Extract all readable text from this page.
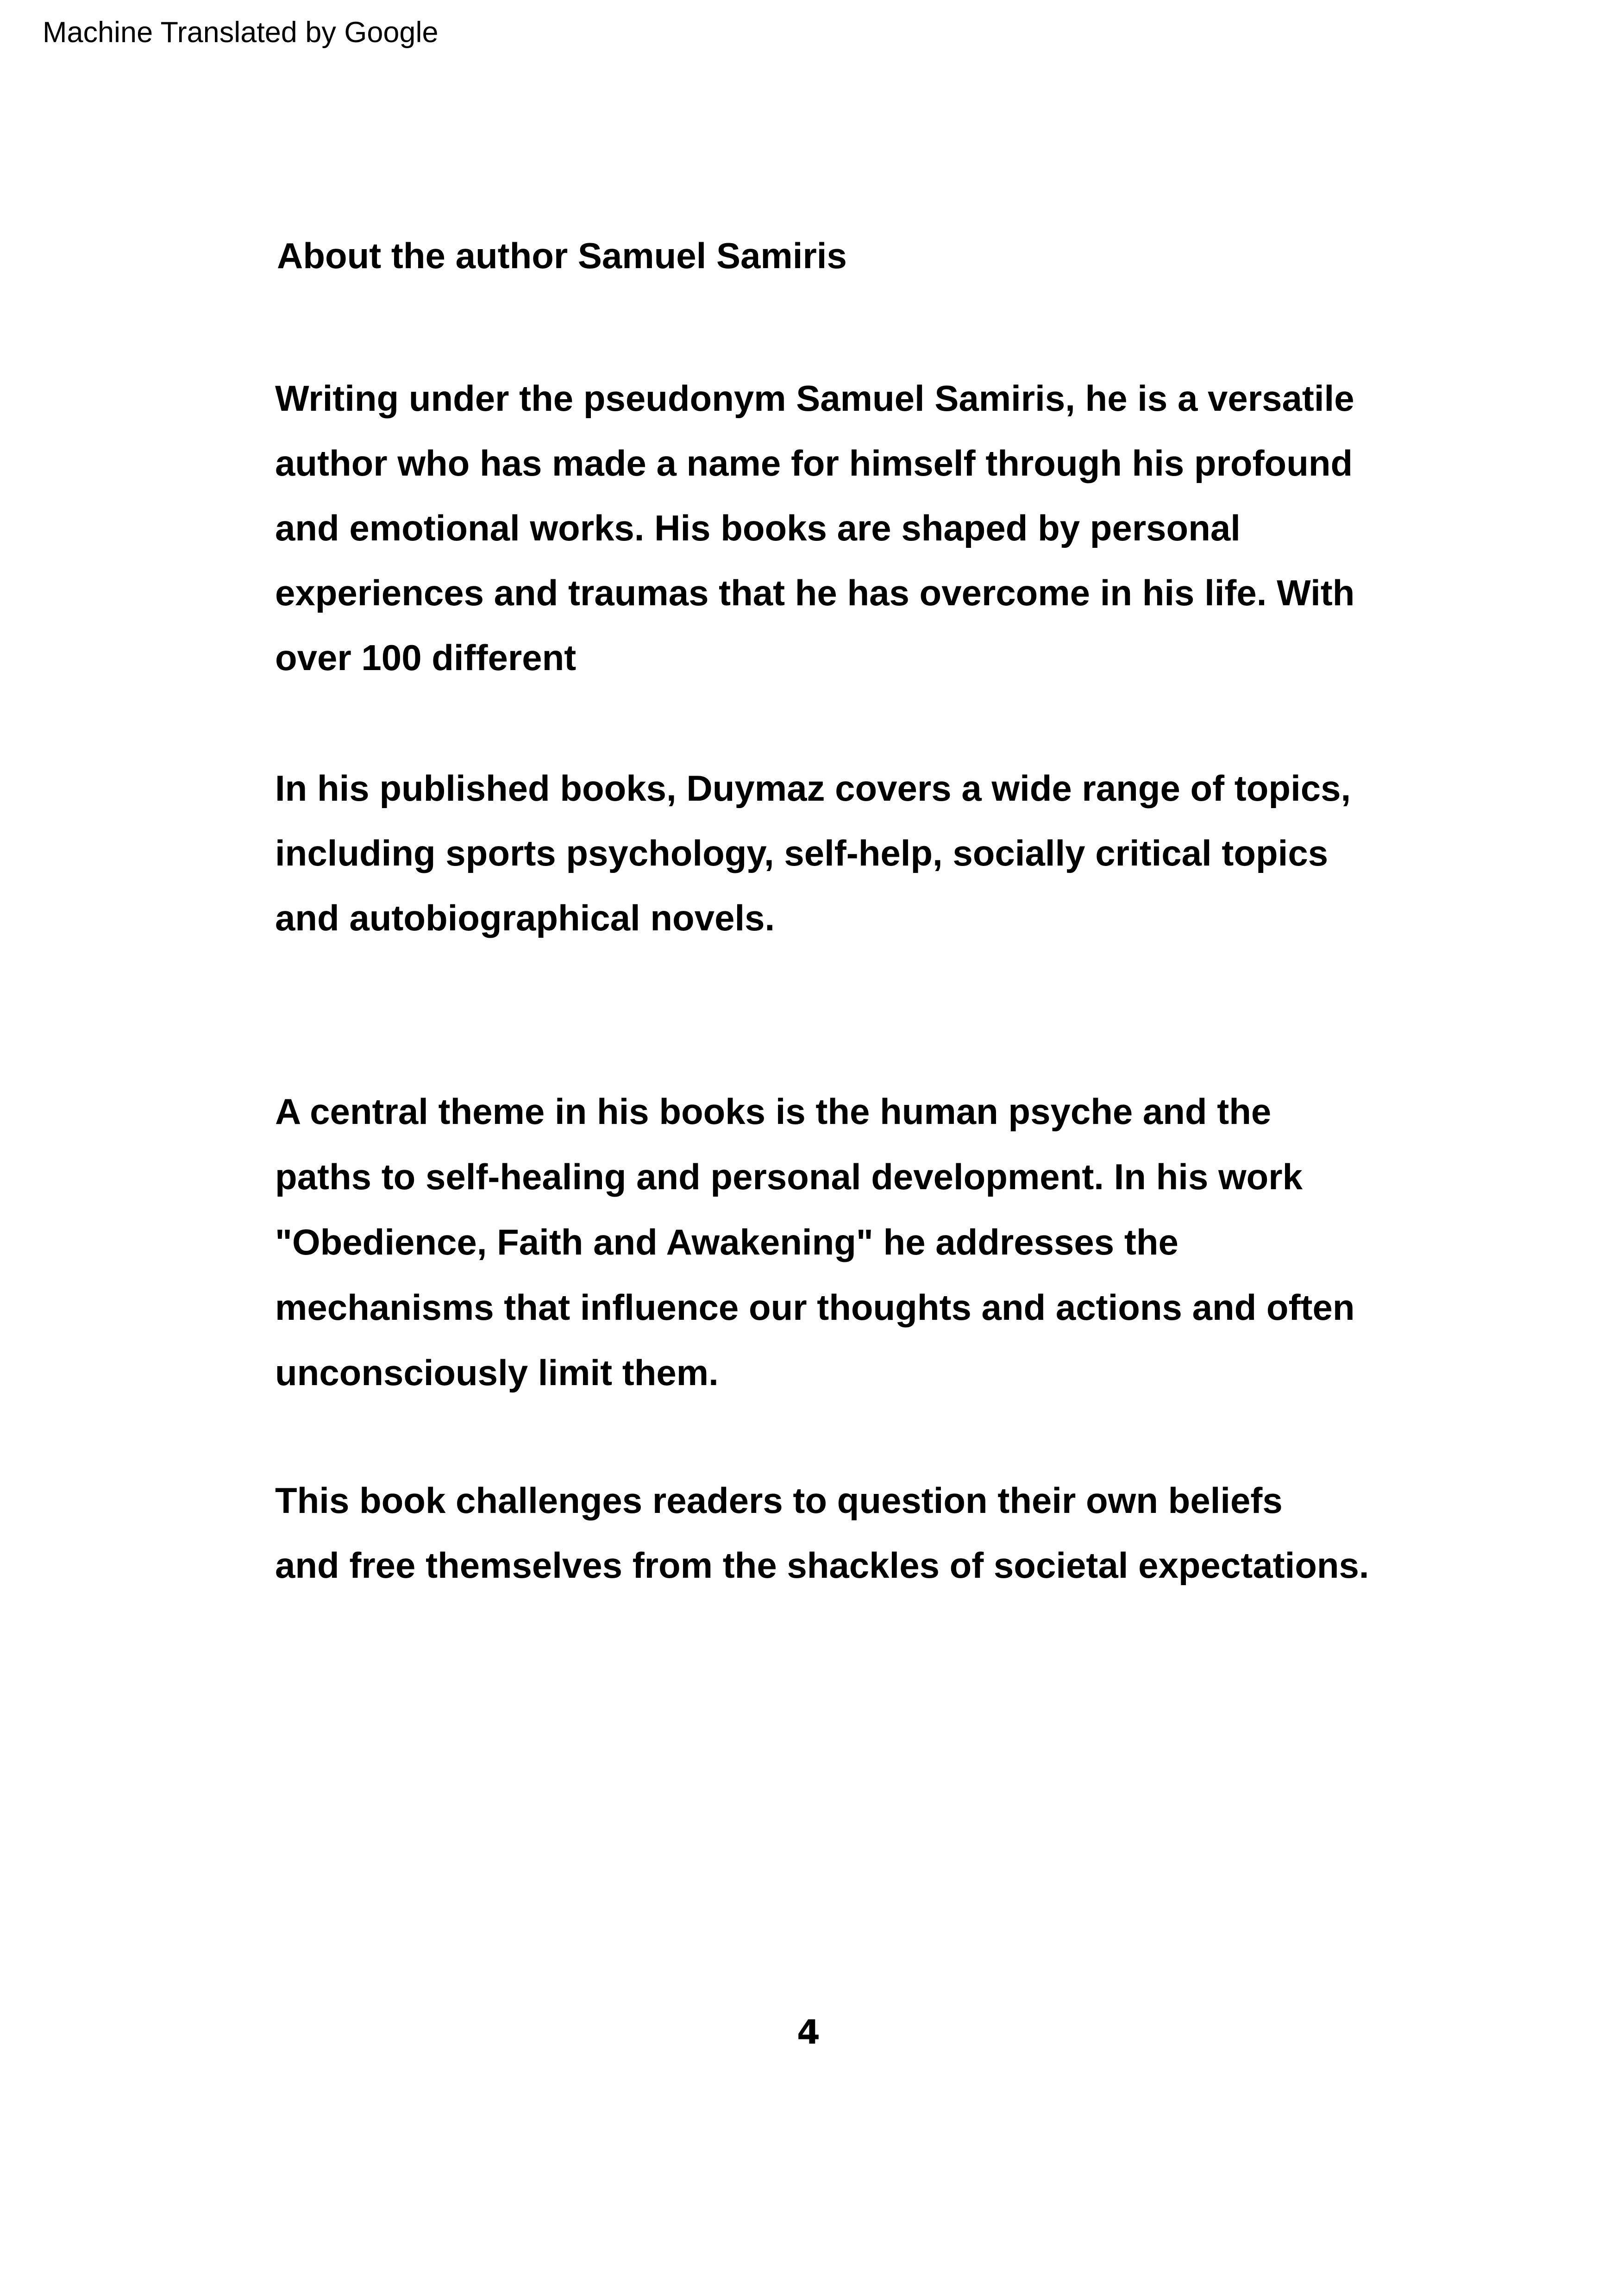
Machine Translated by Google
About the author Samuel Samiris

Writing under the pseudonym Samuel Samiris, he is a versatile
author who has made a name for himself through his profound
and emotional works. His books are shaped by personal
experiences and traumas that he has overcome in his life. With
over 100 different

In his published books, Duymaz covers a wide range of topics,
including sports psychology, self-help, socially critical topics
and autobiographical novels.

A central theme in his books is the human psyche and the
paths to self-healing and personal development. In his work
"Obedience, Faith and Awakening" he addresses the
mechanisms that influence our thoughts and actions and often
unconsciously limit them.

This book challenges readers to question their own beliefs
and free themselves from the shackles of societal expectations.

4
